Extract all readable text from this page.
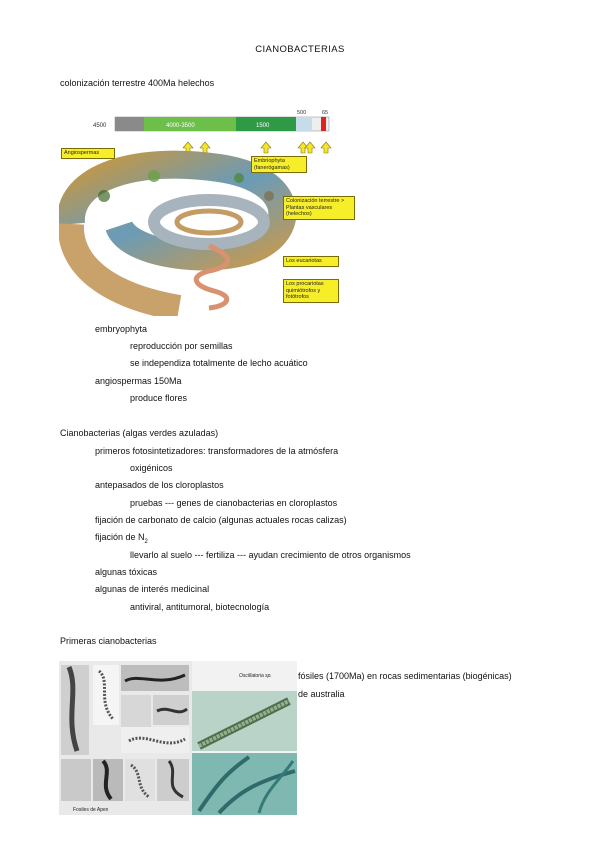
CIANOBACTERIAS
colonización terrestre 400Ma helechos
4500	4000-3500	1500
500	65
Angiospermas
Embriophyta (fanerógamas)
Colonización terrestre > Plantas vasculares (helechos)
Los eucariotas
Los procariotas quimiótrofos y fotótrofos
embryophyta
reproducción por semillas
se independiza totalmente de lecho acuático
angiospermas 150Ma
produce flores
Cianobacterias (algas verdes azuladas)
primeros fotosintetizadores: transformadores de la atmósfera
oxigénicos
antepasados de los cloroplastos
pruebas --- genes de cianobacterias en cloroplastos
fijación de carbonato de calcio (algunas actuales rocas calizas)
fijación de $N_2$
llevarlo al suelo --- fertiliza --- ayudan crecimiento de otros organismos
algunas tóxicas
algunas de interés medicinal
antiviral, antitumoral, biotecnología
Primeras cianobacterias
Fosiles de Apex
Oscillatoria sp.	fósiles (1700Ma) en rocas sedimentarias (biogénicas)
de australia
